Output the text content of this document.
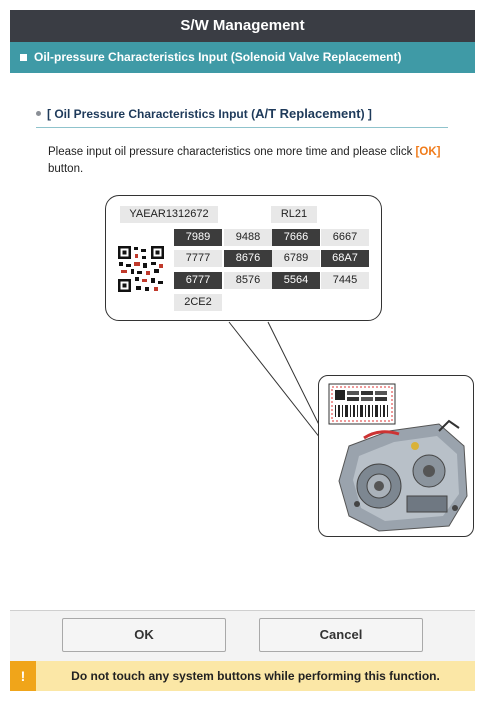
S/W Management
Oil-pressure Characteristics Input (Solenoid Valve Replacement)
[ Oil Pressure Characteristics Input ( A/T Replacement ) ]
Please input oil pressure characteristics one more time and please click [OK]
button.
YAEAR1312672	RL21
7989	9488	7666	6667
7777	8676	6789	68A7
6777	8576	5564	7445
2CE2
OK	Cancel
!	Do not touch any system buttons while performing this function.
